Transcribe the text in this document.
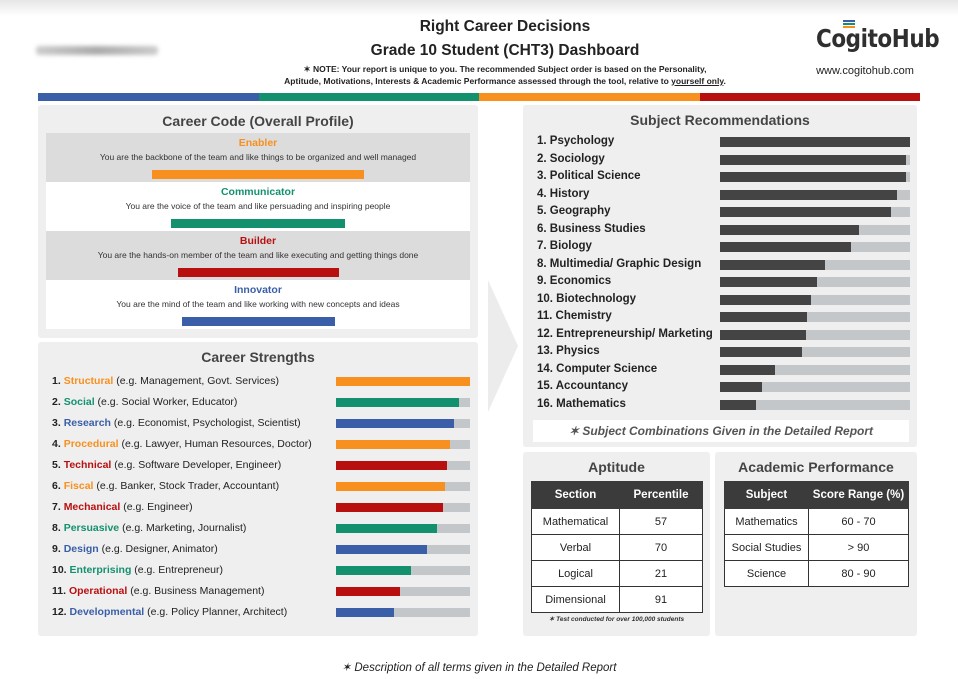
Right Career Decisions
Grade 10 Student (CHT3) Dashboard
✶ NOTE: Your report is unique to you. The recommended Subject order is based on the Personality,
Aptitude, Motivations, Interests & Academic Performance assessed through the tool, relative to yourself only.
CogitoHub
www.cogitohub.com
Career Code (Overall Profile)
Enabler
You are the backbone of the team and like things to be organized and well managed
Communicator
You are the voice of the team and like persuading and inspiring people
Builder
You are the hands-on member of the team and like executing and getting things done
Innovator
You are the mind of the team and like working with new concepts and ideas
Career Strengths
1. Structural (e.g. Management, Govt. Services)
2. Social (e.g. Social Worker, Educator)
3. Research (e.g. Economist, Psychologist, Scientist)
4. Procedural (e.g. Lawyer, Human Resources, Doctor)
5. Technical (e.g. Software Developer, Engineer)
6. Fiscal (e.g. Banker, Stock Trader, Accountant)
7. Mechanical (e.g. Engineer)
8. Persuasive (e.g. Marketing, Journalist)
9. Design (e.g. Designer, Animator)
10. Enterprising (e.g. Entrepreneur)
11. Operational (e.g. Business Management)
12. Developmental (e.g. Policy Planner, Architect)
Subject Recommendations
1. Psychology
2. Sociology
3. Political Science
4. History
5. Geography
6. Business Studies
7. Biology
8. Multimedia/ Graphic Design
9. Economics
10. Biotechnology
11. Chemistry
12. Entrepreneurship/ Marketing
13. Physics
14. Computer Science
15. Accountancy
16. Mathematics
✶ Subject Combinations Given in the Detailed Report
Aptitude
Section	Percentile
Mathematical	57
Verbal	70
Logical	21
Dimensional	91
✶ Test conducted for over 100,000 students
Academic Performance
Subject	Score Range (%)
Mathematics	60 - 70
Social Studies	> 90
Science	80 - 90
✶ Description of all terms given in the Detailed Report
